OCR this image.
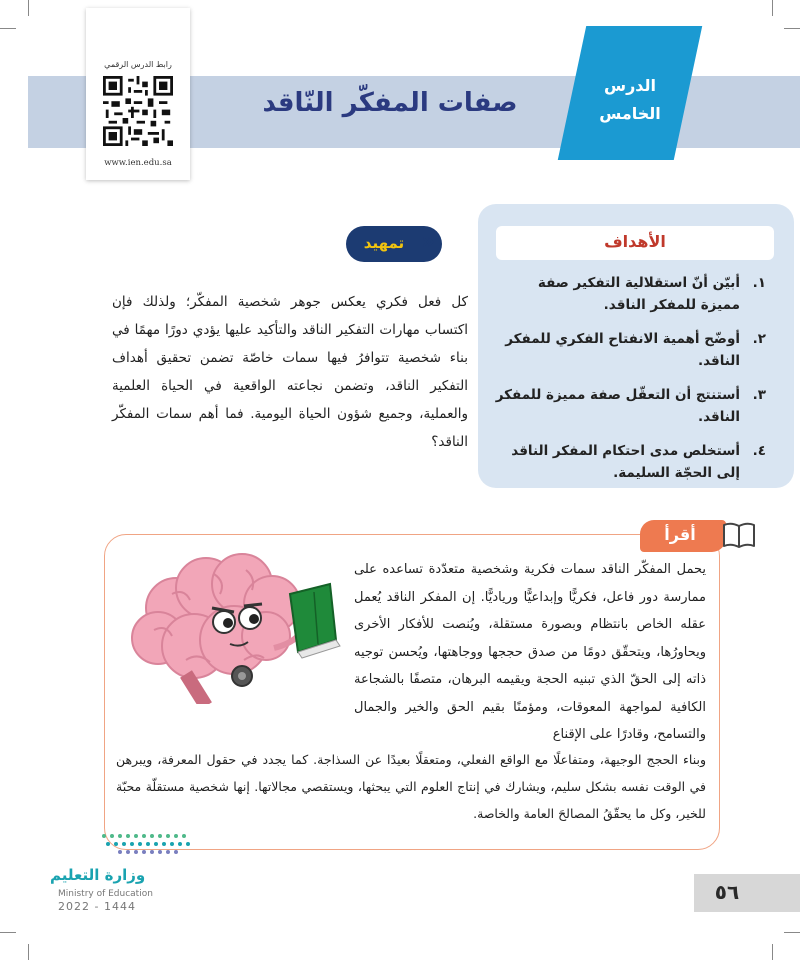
صفات المفكّر النّاقد
الدرس
الخامس
رابط الدرس الرقمي
www.ien.edu.sa
الأهداف
١.
أبيّن أنّ استقلالية التفكير صفة مميزة للمفكر الناقد.
٢.
أوضّح أهمية الانفتاح الفكري للمفكر الناقد.
٣.
أستنتج أن التعقّل صفة مميزة للمفكر الناقد.
٤.
أستخلص مدى احتكام المفكر الناقد إلى الحجّة السليمة.
تمهيد »
كل فعل فكري يعكس جوهر شخصية المفكّر؛ ولذلك فإن اكتساب مهارات التفكير الناقد والتأكيد عليها يؤدي دورًا مهمًا في بناء شخصية تتوافرُ فيها سمات خاصّة تضمن تحقيق أهداف التفكير الناقد، وتضمن نجاعته الواقعية في الحياة العلمية والعملية، وجميع شؤون الحياة اليومية. فما أهم سمات المفكّر الناقد؟
أقرأ
يحمل المفكّر الناقد سمات فكرية وشخصية متعدّدة تساعده على ممارسة دور فاعل، فكريًّا وإبداعيًّا ورياديًّا. إن المفكر الناقد يُعمل عقله الخاص بانتظام وبصورة مستقلة، ويُنصت للأفكار الأخرى ويحاورُها، ويتحقّق دومًا من صدق حججها ووجاهتها، ويُحسن توجيه ذاته إلى الحقّ الذي تبنيه الحجة ويقيمه البرهان، متصفًا بالشجاعة الكافية لمواجهة المعوقات، ومؤمنًا بقيم الحق والخير والجمال والتسامح، وقادرًا على الإقناع
وبناء الحجج الوجيهة، ومتفاعلًا مع الواقع الفعلي، ومتعقلًا بعيدًا عن السذاجة. كما يجدد في حقول المعرفة، ويبرهن في الوقت نفسه بشكل سليم، ويشارك في إنتاج العلوم التي يبحثها، ويستقصي مجالاتها. إنها شخصية مستقلّة محبّة للخير، وكل ما يحقّقُ المصالحَ العامة والخاصة.
وزارة التعليم
Ministry of Education
2022 - 1444
٥٦
